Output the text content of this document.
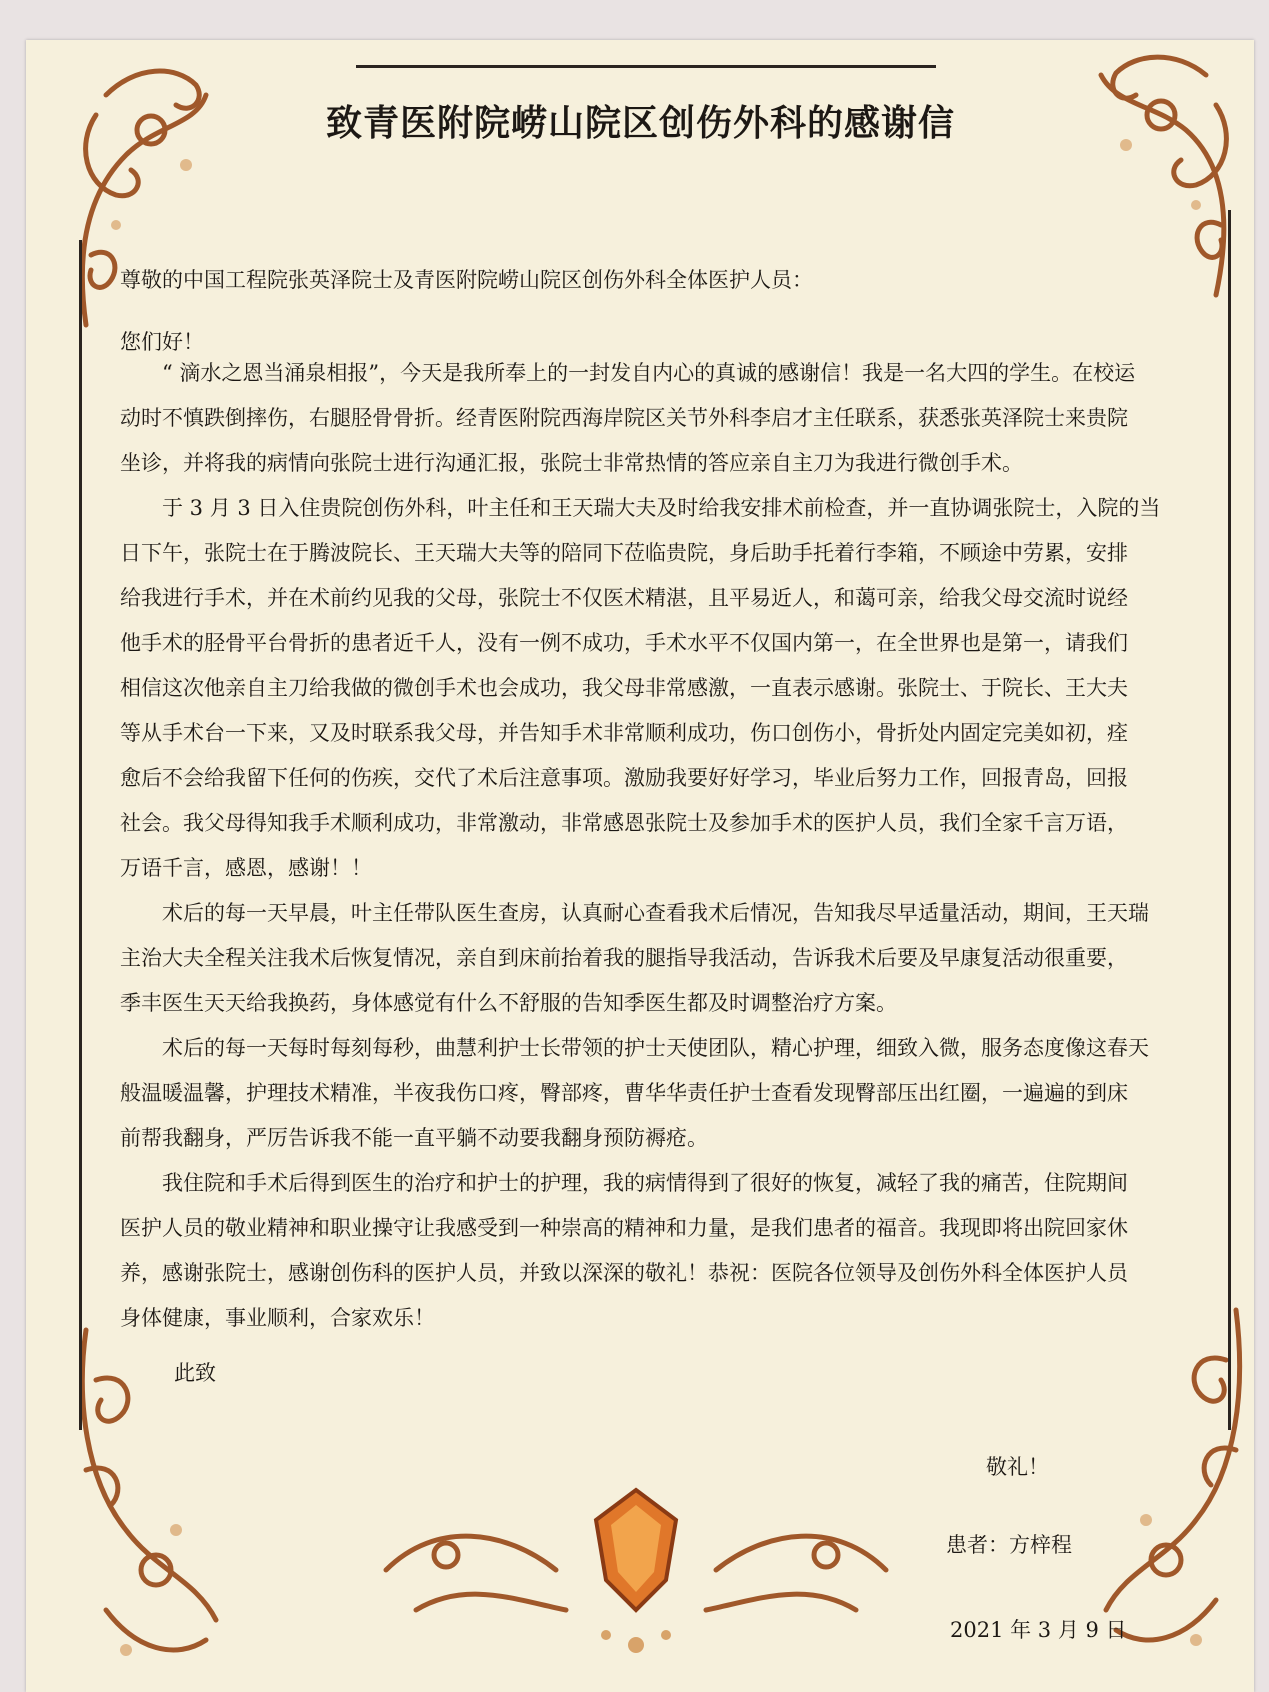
致青医附院崂山院区创伤外科的感谢信
尊敬的中国工程院张英泽院士及青医附院崂山院区创伤外科全体医护人员：
您们好！
“ 滴水之恩当涌泉相报”，今天是我所奉上的一封发自内心的真诚的感谢信！我是一名大四的学生。在校运
动时不慎跌倒摔伤，右腿胫骨骨折。经青医附院西海岸院区关节外科李启才主任联系，获悉张英泽院士来贵院
坐诊，并将我的病情向张院士进行沟通汇报，张院士非常热情的答应亲自主刀为我进行微创手术。
于 3 月 3 日入住贵院创伤外科，叶主任和王天瑞大夫及时给我安排术前检查，并一直协调张院士，入院的当
日下午，张院士在于腾波院长、王天瑞大夫等的陪同下莅临贵院，身后助手托着行李箱，不顾途中劳累，安排
给我进行手术，并在术前约见我的父母，张院士不仅医术精湛，且平易近人，和蔼可亲，给我父母交流时说经
他手术的胫骨平台骨折的患者近千人，没有一例不成功，手术水平不仅国内第一，在全世界也是第一，请我们
相信这次他亲自主刀给我做的微创手术也会成功，我父母非常感激，一直表示感谢。张院士、于院长、王大夫
等从手术台一下来，又及时联系我父母，并告知手术非常顺利成功，伤口创伤小，骨折处内固定完美如初，痊
愈后不会给我留下任何的伤疾，交代了术后注意事项。激励我要好好学习，毕业后努力工作，回报青岛，回报
社会。我父母得知我手术顺利成功，非常激动，非常感恩张院士及参加手术的医护人员，我们全家千言万语，
万语千言，感恩，感谢！！
术后的每一天早晨，叶主任带队医生查房，认真耐心查看我术后情况，告知我尽早适量活动，期间，王天瑞
主治大夫全程关注我术后恢复情况，亲自到床前抬着我的腿指导我活动，告诉我术后要及早康复活动很重要，
季丰医生天天给我换药，身体感觉有什么不舒服的告知季医生都及时调整治疗方案。
术后的每一天每时每刻每秒，曲慧利护士长带领的护士天使团队，精心护理，细致入微，服务态度像这春天
般温暖温馨，护理技术精准，半夜我伤口疼，臀部疼，曹华华责任护士查看发现臀部压出红圈，一遍遍的到床
前帮我翻身，严厉告诉我不能一直平躺不动要我翻身预防褥疮。
我住院和手术后得到医生的治疗和护士的护理，我的病情得到了很好的恢复，减轻了我的痛苦，住院期间
医护人员的敬业精神和职业操守让我感受到一种崇高的精神和力量，是我们患者的福音。我现即将出院回家休
养，感谢张院士，感谢创伤科的医护人员，并致以深深的敬礼！恭祝：医院各位领导及创伤外科全体医护人员
身体健康，事业顺利，合家欢乐！
此致
敬礼！
患者：方梓程
2021 年 3 月 9 日
